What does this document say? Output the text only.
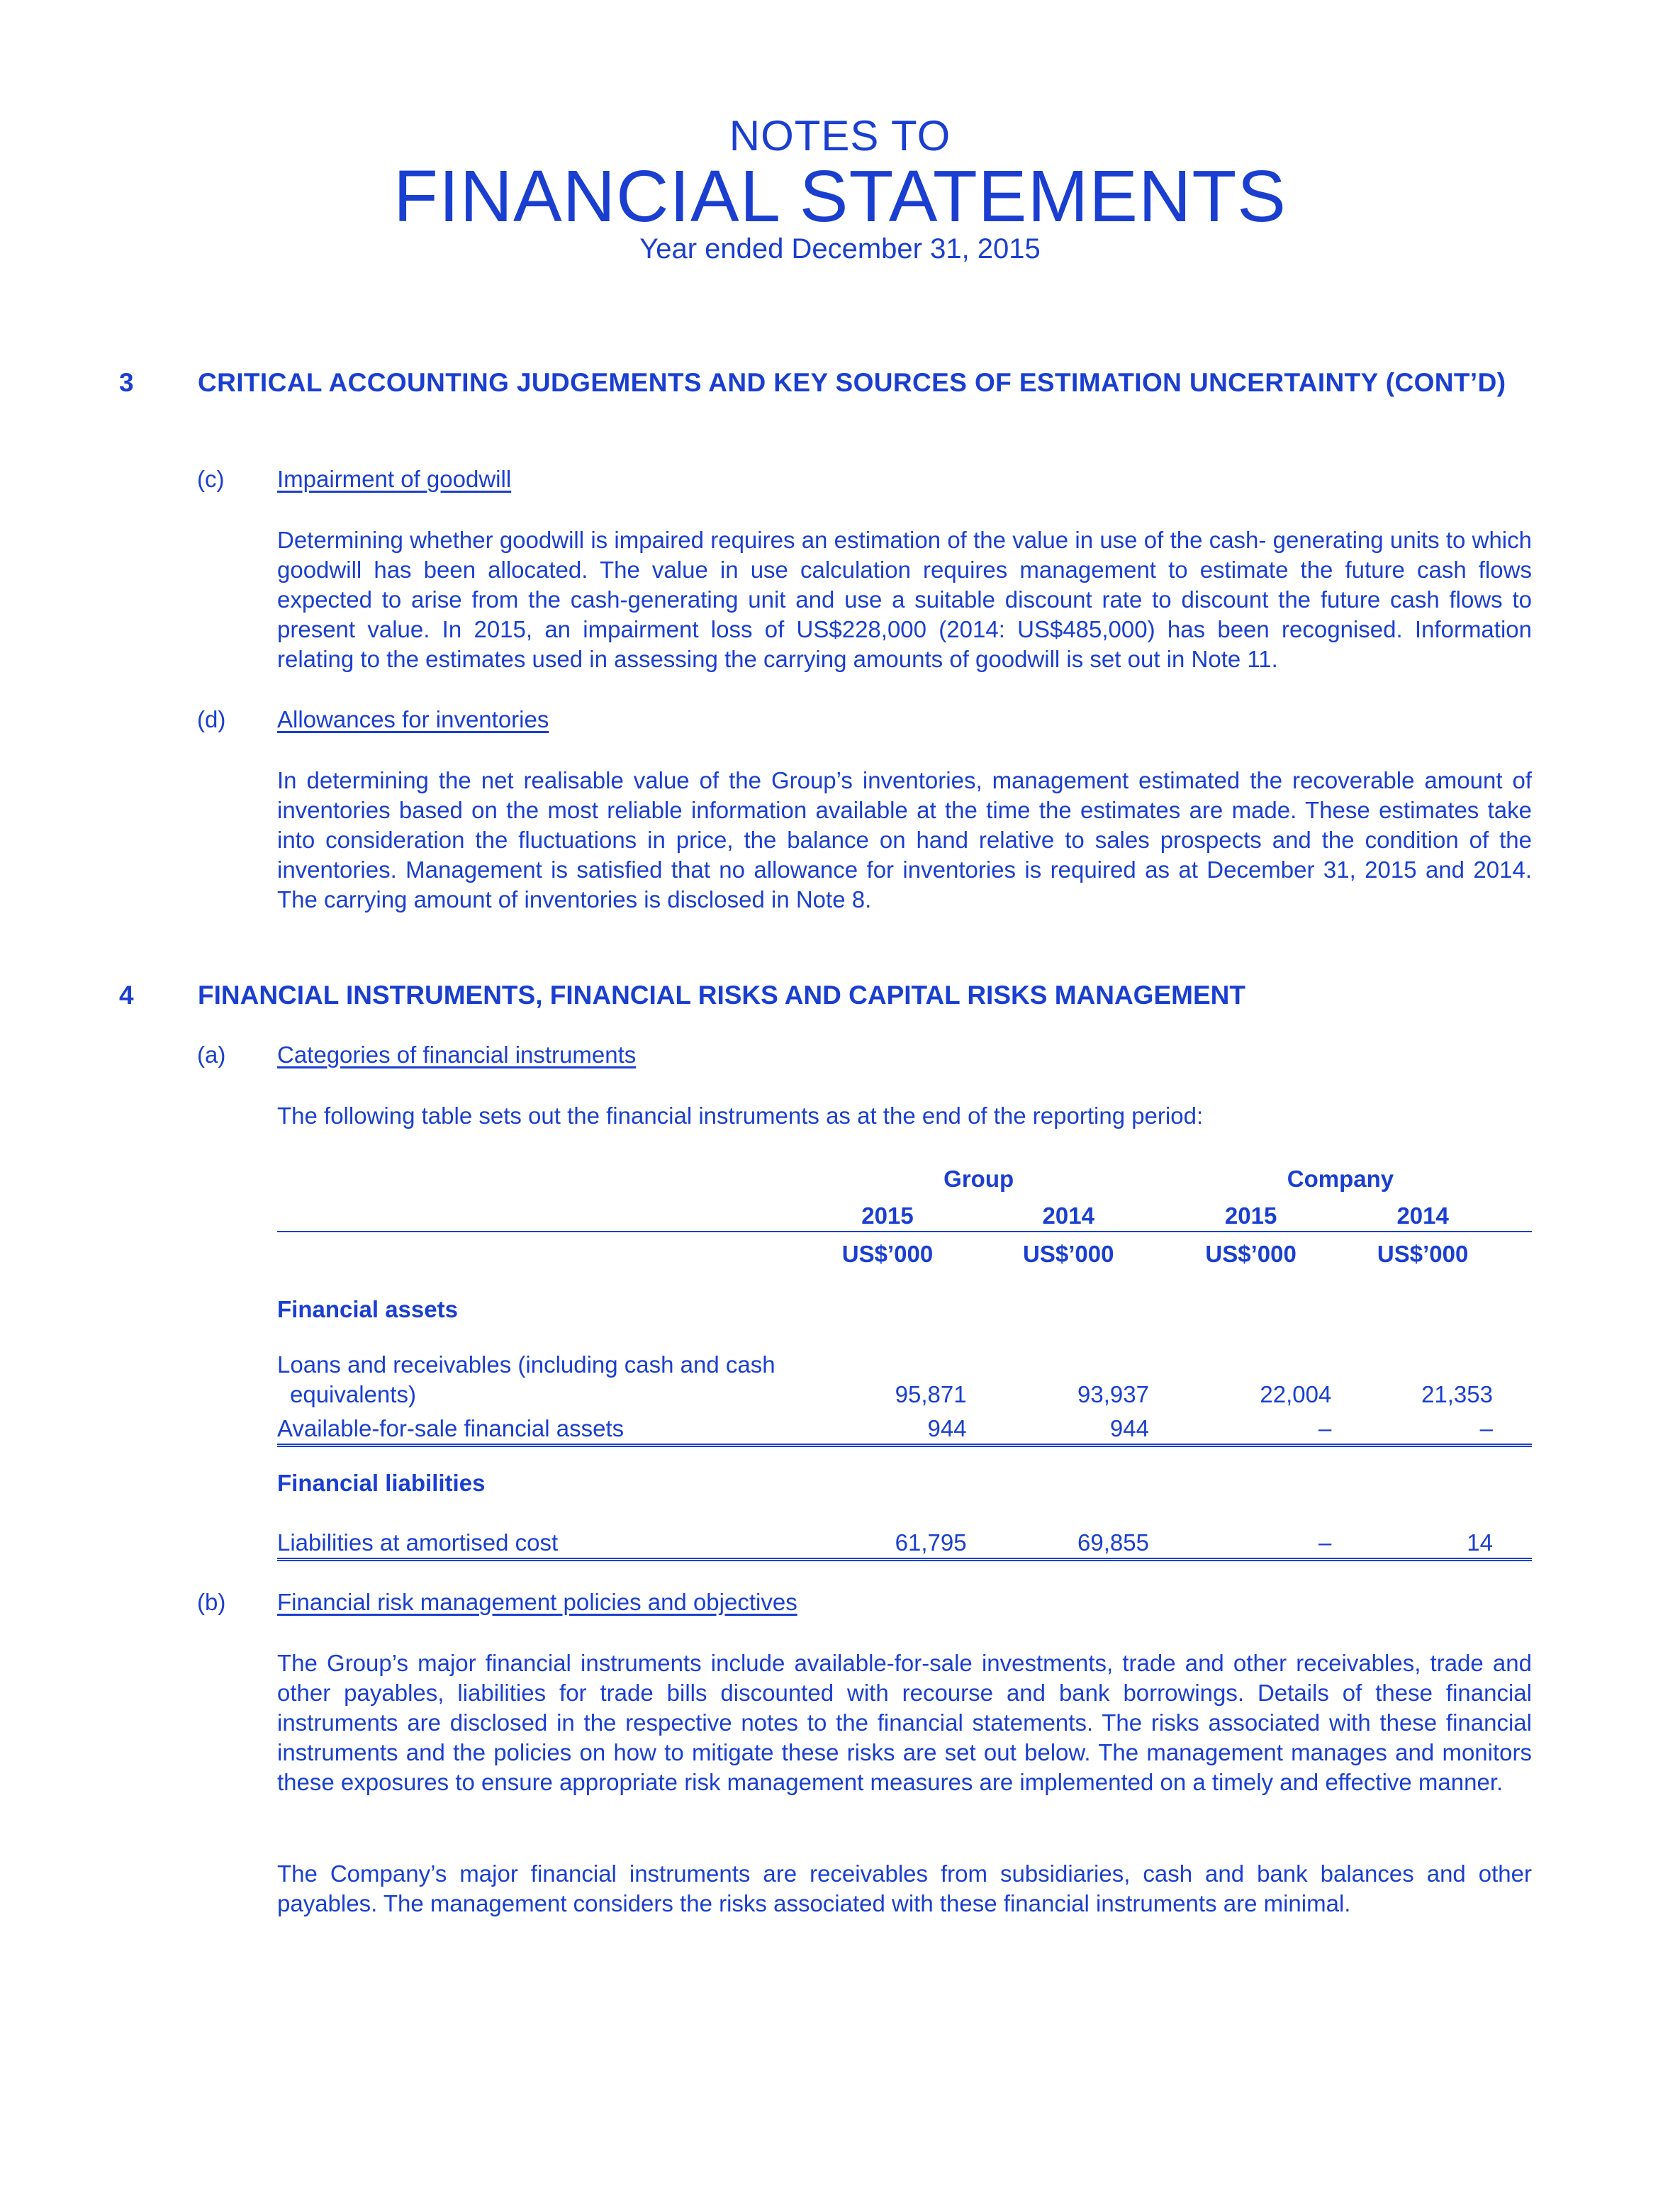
NOTES TO
FINANCIAL STATEMENTS
Year ended December 31, 2015
3 CRITICAL ACCOUNTING JUDGEMENTS AND KEY SOURCES OF ESTIMATION UNCERTAINTY (CONT’D)
(c) Impairment of goodwill
Determining whether goodwill is impaired requires an estimation of the value in use of the cash- generating units to which goodwill has been allocated. The value in use calculation requires management to estimate the future cash flows expected to arise from the cash-generating unit and use a suitable discount rate to discount the future cash flows to present value. In 2015, an impairment loss of US$228,000 (2014: US$485,000) has been recognised. Information relating to the estimates used in assessing the carrying amounts of goodwill is set out in Note 11.
(d) Allowances for inventories
In determining the net realisable value of the Group’s inventories, management estimated the recoverable amount of inventories based on the most reliable information available at the time the estimates are made. These estimates take into consideration the fluctuations in price, the balance on hand relative to sales prospects and the condition of the inventories. Management is satisfied that no allowance for inventories is required as at December 31, 2015 and 2014. The carrying amount of inventories is disclosed in Note 8.
4 FINANCIAL INSTRUMENTS, FINANCIAL RISKS AND CAPITAL RISKS MANAGEMENT
(a) Categories of financial instruments
The following table sets out the financial instruments as at the end of the reporting period:
	Group		Company	
	2015	2014	2015	2014
	US$’000	US$’000	US$’000	US$’000
Financial assets				
Loans and receivables (including cash and cash				
equivalents)	95,871	93,937	22,004	21,353
Available-for-sale financial assets	944	944	–	–
Financial liabilities				
Liabilities at amortised cost	61,795	69,855	–	14
(b) Financial risk management policies and objectives
The Group’s major financial instruments include available-for-sale investments, trade and other receivables, trade and other payables, liabilities for trade bills discounted with recourse and bank borrowings. Details of these financial instruments are disclosed in the respective notes to the financial statements. The risks associated with these financial instruments and the policies on how to mitigate these risks are set out below. The management manages and monitors these exposures to ensure appropriate risk management measures are implemented on a timely and effective manner.
The Company’s major financial instruments are receivables from subsidiaries, cash and bank balances and other payables. The management considers the risks associated with these financial instruments are minimal.
